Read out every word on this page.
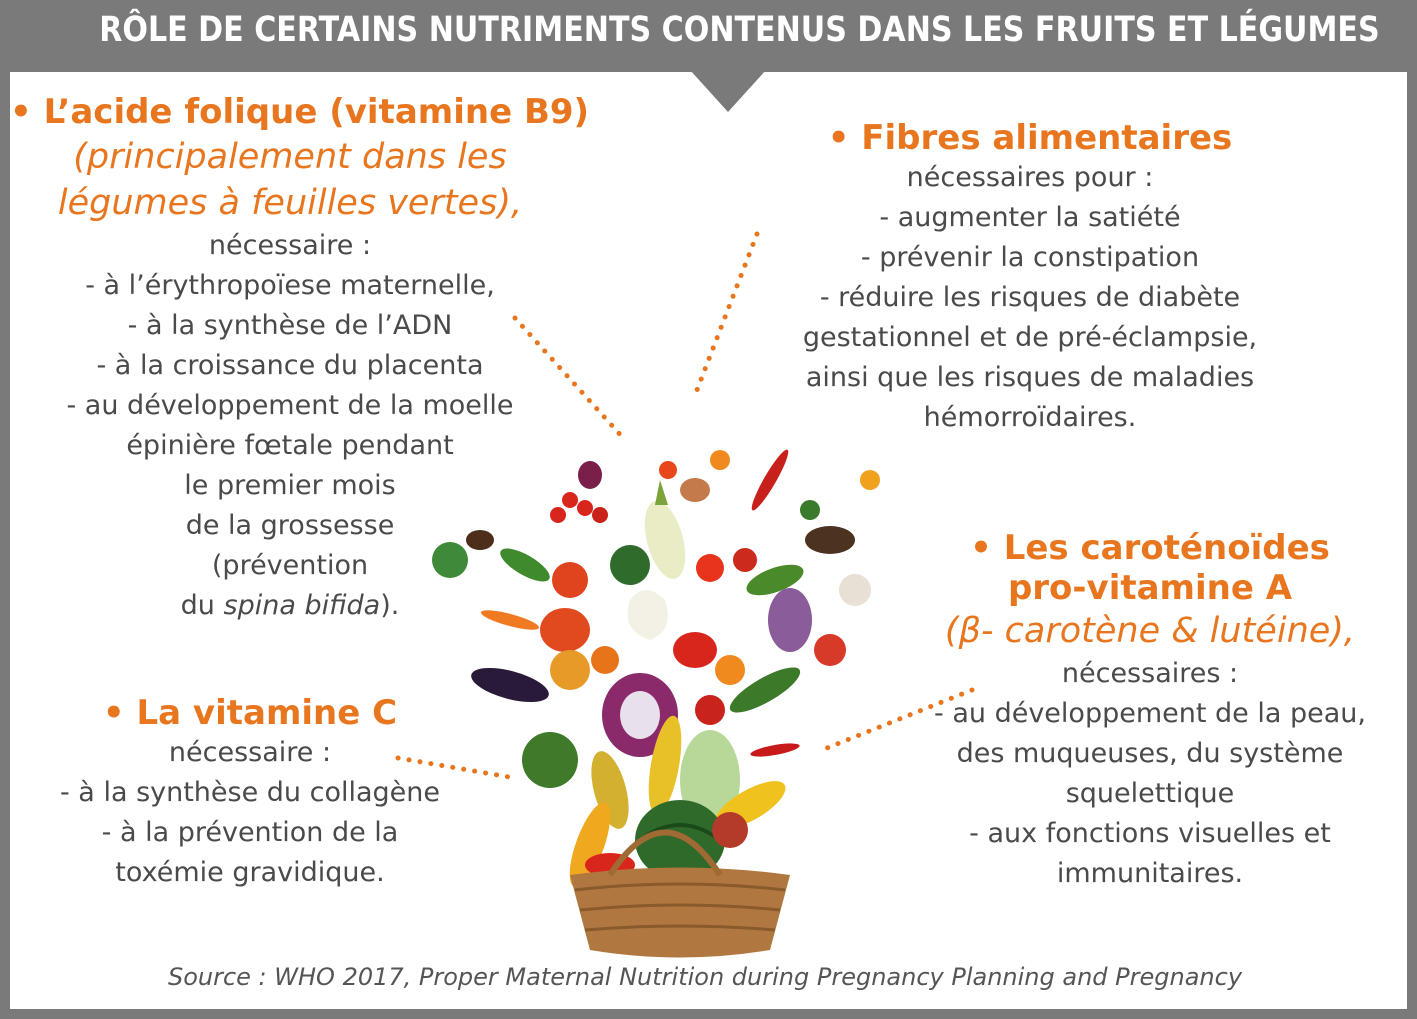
RÔLE DE CERTAINS NUTRIMENTS CONTENUS DANS LES FRUITS ET LÉGUMES
• L’acide folique (vitamine B9)
(principalement dans les
légumes à feuilles vertes),
nécessaire :
- à l’érythropoïese maternelle,
- à la synthèse de l’ADN
- à la croissance du placenta
- au développement de la moelle
épinière fœtale pendant
le premier mois
de la grossesse
(prévention
du spina bifida).
• Fibres alimentaires
nécessaires pour :
- augmenter la satiété
- prévenir la constipation
- réduire les risques de diabète
gestationnel et de pré-éclampsie,
ainsi que les risques de maladies
hémorroïdaires.
• Les caroténoïdes
pro-vitamine A
(β- carotène & lutéine),
nécessaires :
- au développement de la peau,
des muqueuses, du système
squelettique
- aux fonctions visuelles et
immunitaires.
• La vitamine C
nécessaire :
- à la synthèse du collagène
- à la prévention de la
toxémie gravidique.
Source : WHO 2017, Proper Maternal Nutrition during Pregnancy Planning and Pregnancy
